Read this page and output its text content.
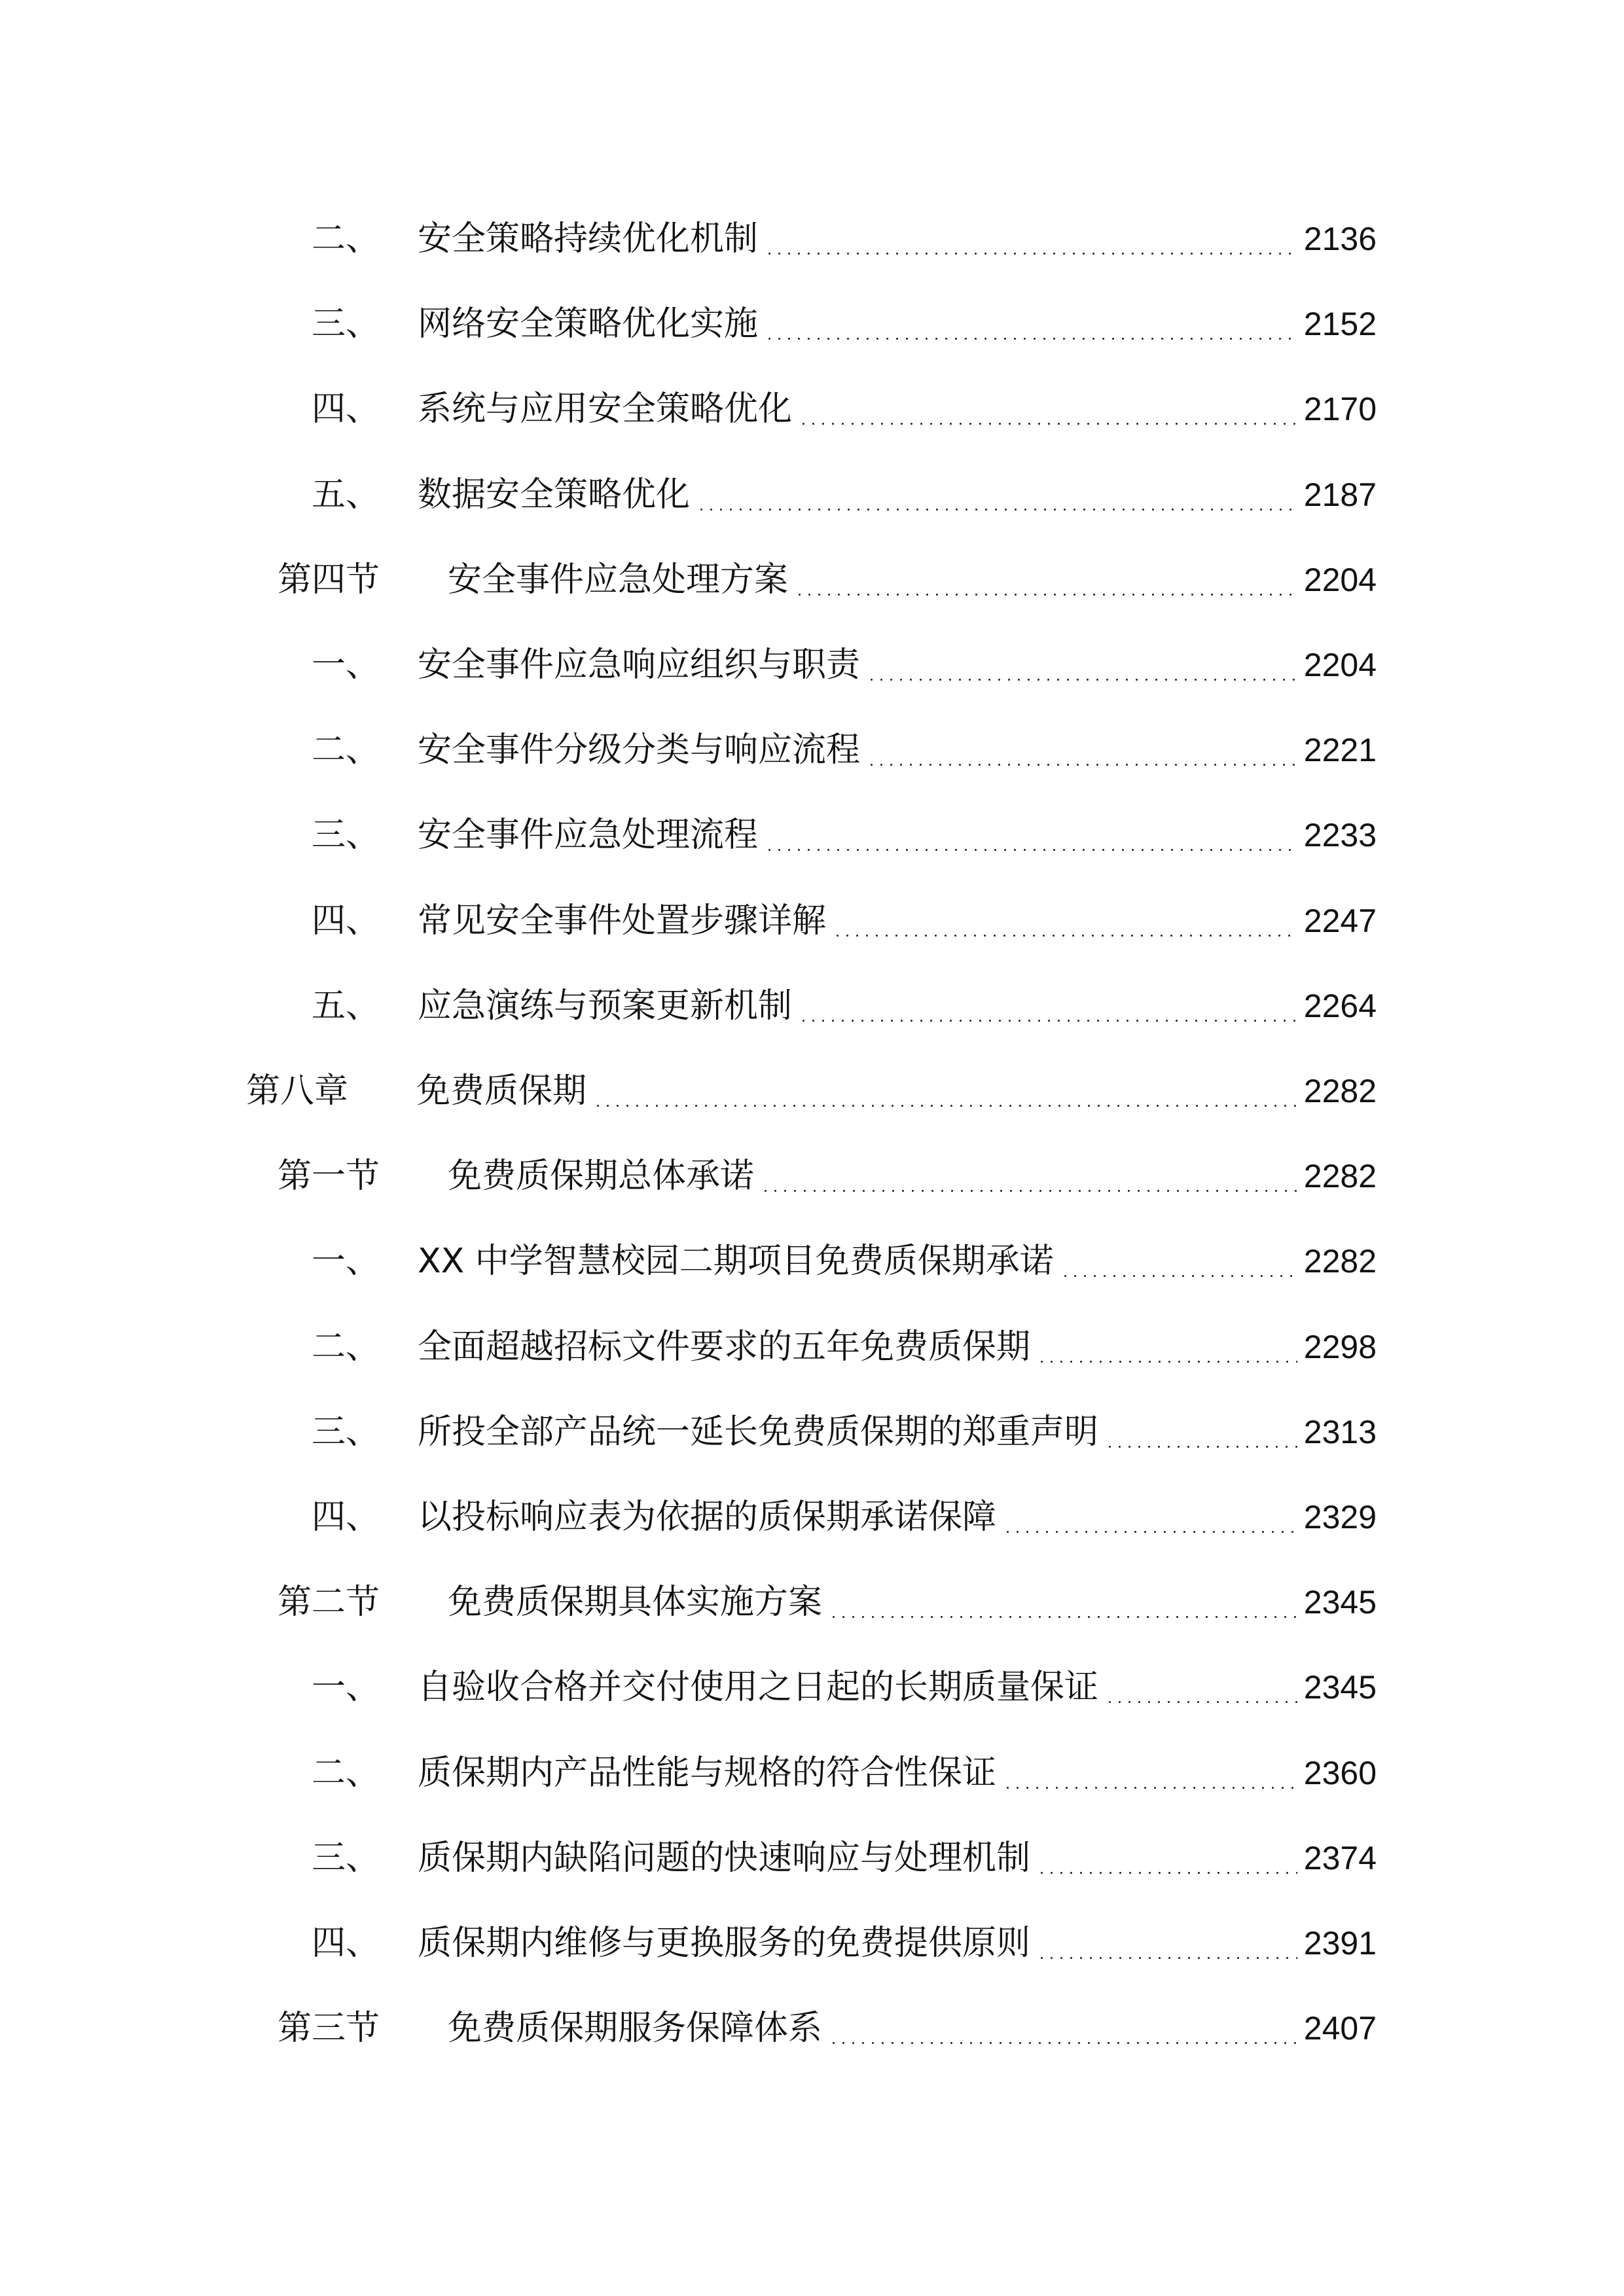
二、 安全策略持续优化机制	2136
三、 网络安全策略优化实施	2152
四、 系统与应用安全策略优化	2170
五、 数据安全策略优化	2187
第四节 安全事件应急处理方案	2204
一、 安全事件应急响应组织与职责	2204
二、 安全事件分级分类与响应流程	2221
三、 安全事件应急处理流程	2233
四、 常见安全事件处置步骤详解	2247
五、 应急演练与预案更新机制	2264
第八章 免费质保期	2282
第一节 免费质保期总体承诺	2282
一、 XX 中学智慧校园二期项目免费质保期承诺	2282
二、 全面超越招标文件要求的五年免费质保期	2298
三、 所投全部产品统一延长免费质保期的郑重声明	2313
四、 以投标响应表为依据的质保期承诺保障	2329
第二节 免费质保期具体实施方案	2345
一、 自验收合格并交付使用之日起的长期质量保证	2345
二、 质保期内产品性能与规格的符合性保证	2360
三、 质保期内缺陷问题的快速响应与处理机制	2374
四、 质保期内维修与更换服务的免费提供原则	2391
第三节 免费质保期服务保障体系	2407
